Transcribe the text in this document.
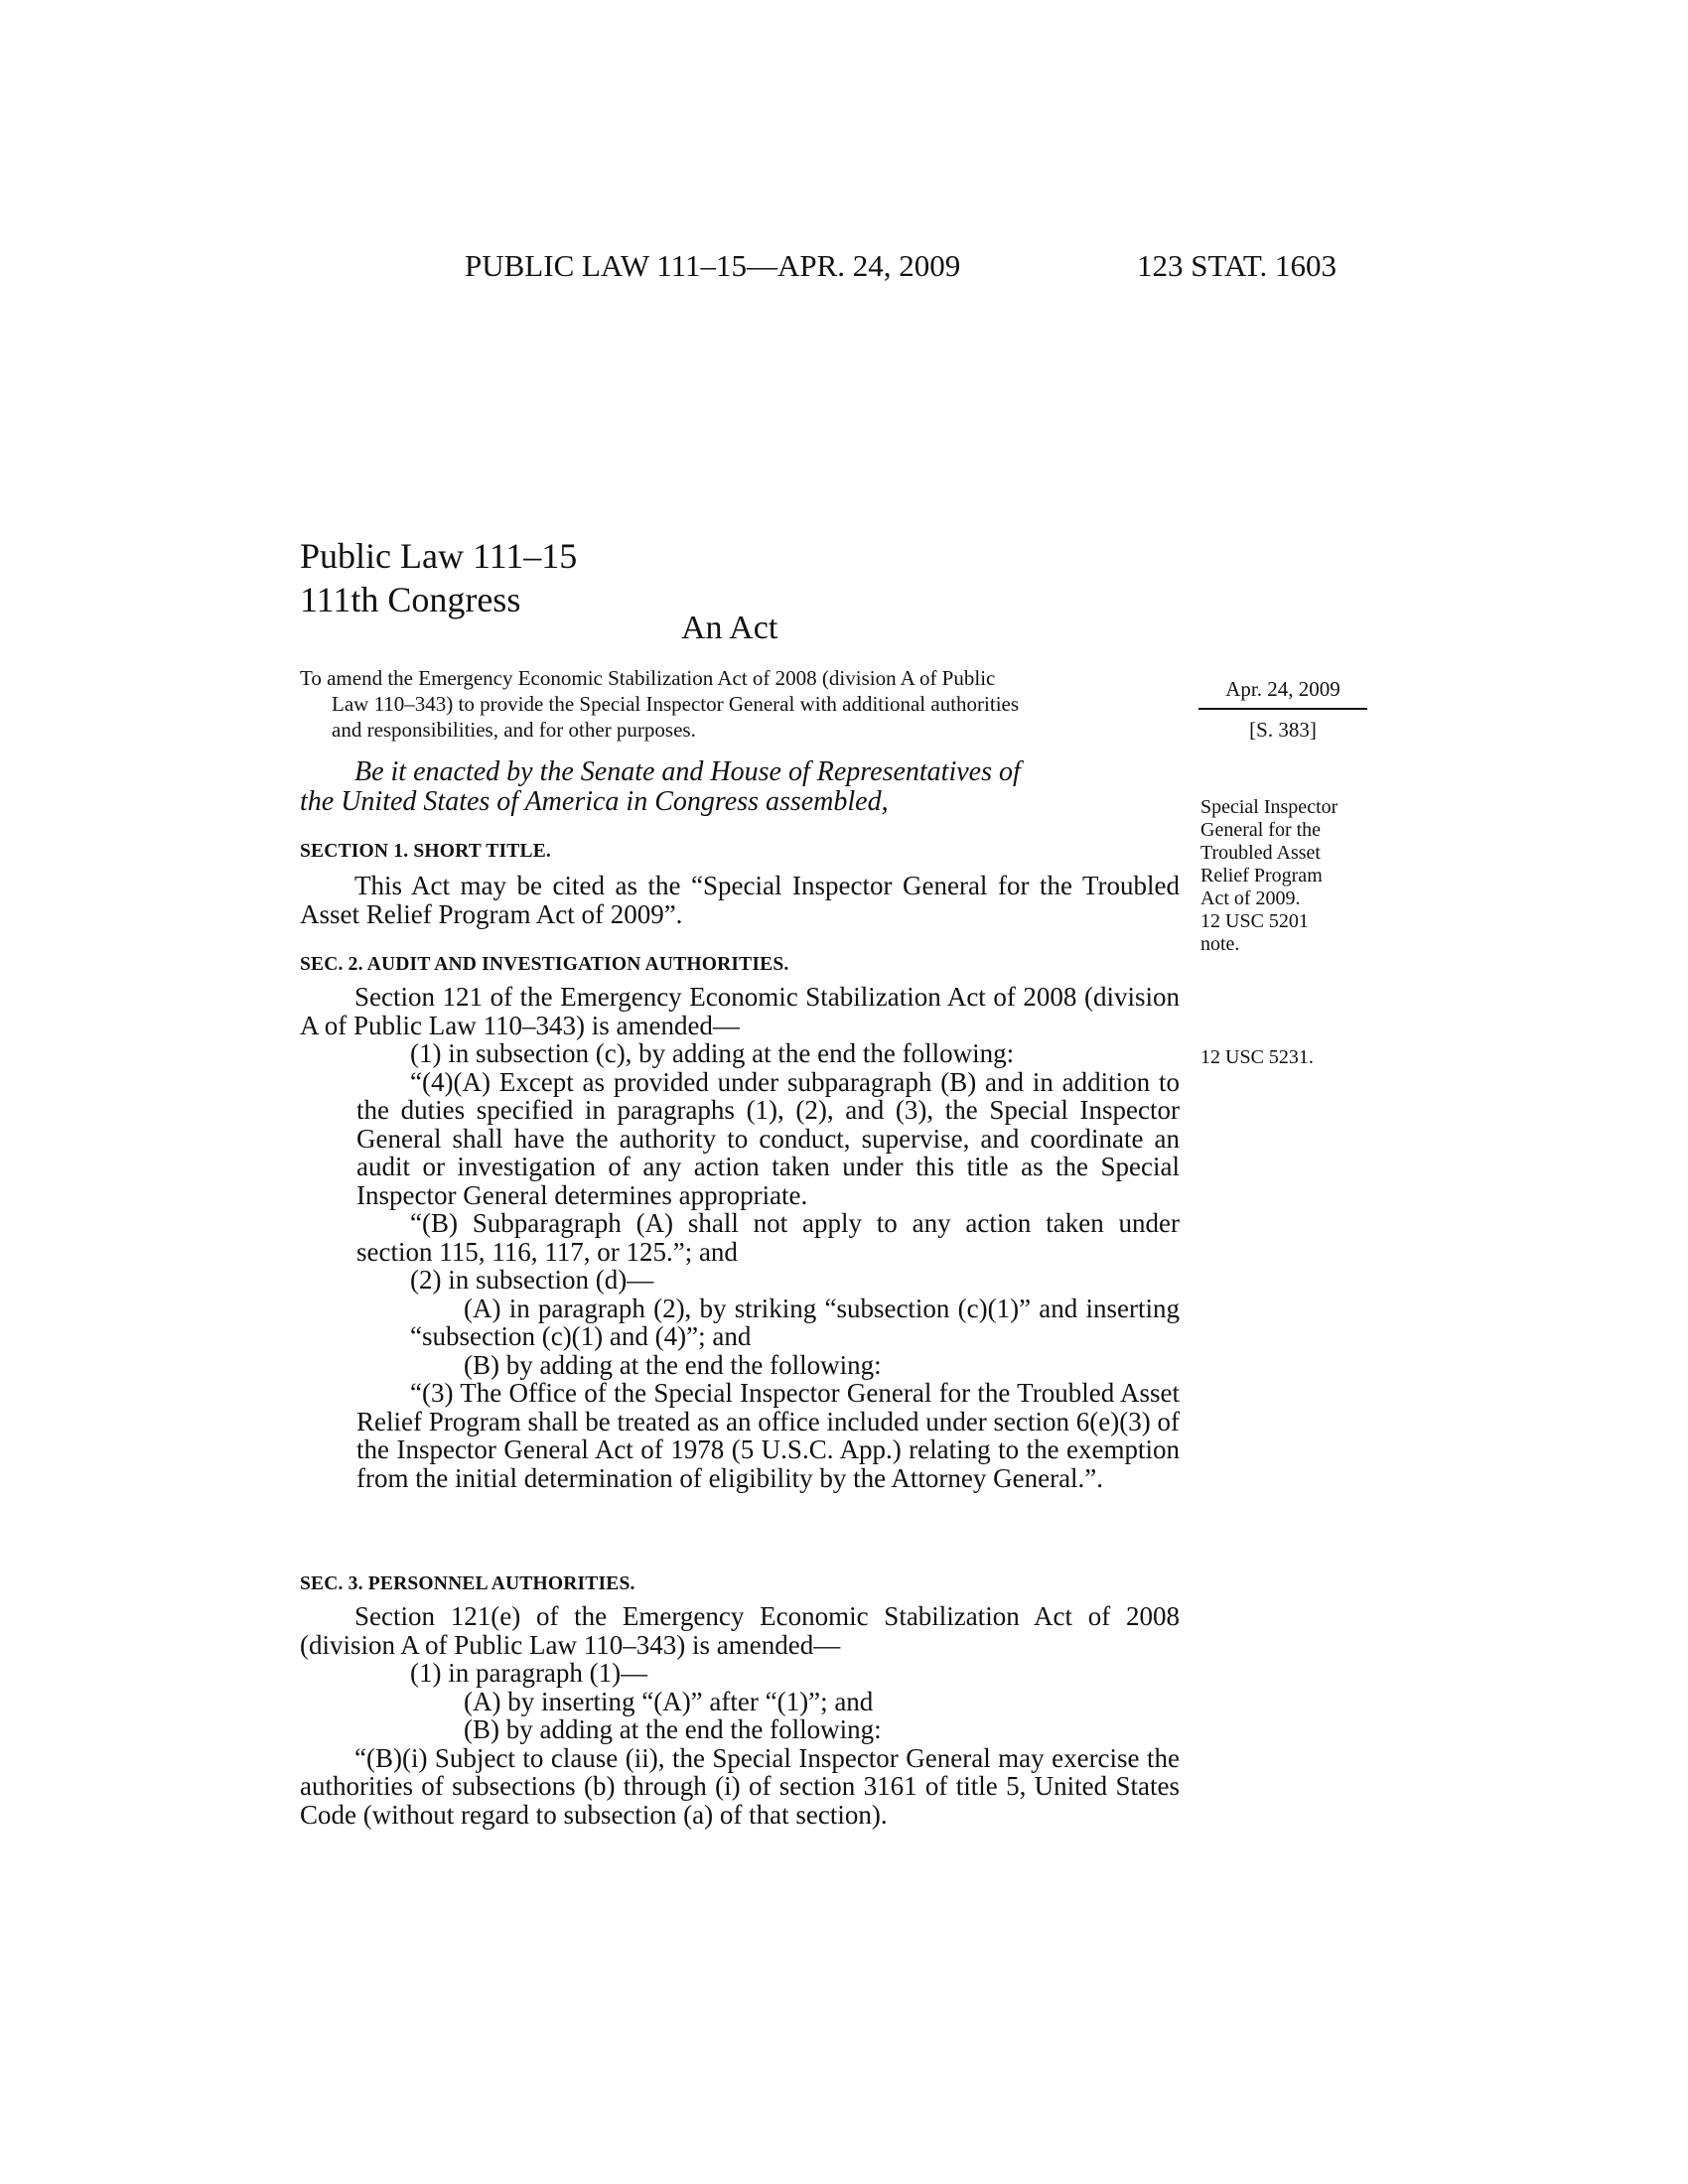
PUBLIC LAW 111–15—APR. 24, 2009	123 STAT. 1603
Public Law 111–15
111th Congress
An Act
To amend the Emergency Economic Stabilization Act of 2008 (division A of Public
Law 110–343) to provide the Special Inspector General with additional authorities
and responsibilities, and for other purposes.
Apr. 24, 2009
[S. 383]
Special Inspector
General for the
Troubled Asset
Relief Program
Act of 2009.
12 USC 5201
note.
12 USC 5231.
Be it enacted by the Senate and House of Representatives of
the United States of America in Congress assembled,
SECTION 1. SHORT TITLE.

This Act may be cited as the “Special Inspector General for the Troubled Asset Relief Program Act of 2009”.

SEC. 2. AUDIT AND INVESTIGATION AUTHORITIES.

Section 121 of the Emergency Economic Stabilization Act of 2008 (division A of Public Law 110–343) is amended—

(1) in subsection (c), by adding at the end the following:

“(4)(A) Except as provided under subparagraph (B) and in addition to the duties specified in paragraphs (1), (2), and (3), the Special Inspector General shall have the authority to conduct, supervise, and coordinate an audit or investigation of any action taken under this title as the Special Inspector General determines appropriate.

“(B) Subparagraph (A) shall not apply to any action taken under section 115, 116, 117, or 125.”; and

(2) in subsection (d)—

(A) in paragraph (2), by striking “subsection (c)(1)” and inserting “subsection (c)(1) and (4)”; and

(B) by adding at the end the following:

“(3) The Office of the Special Inspector General for the Troubled Asset Relief Program shall be treated as an office included under section 6(e)(3) of the Inspector General Act of 1978 (5 U.S.C. App.) relating to the exemption from the initial determination of eligibility by the Attorney General.”.

SEC. 3. PERSONNEL AUTHORITIES.

Section 121(e) of the Emergency Economic Stabilization Act of 2008 (division A of Public Law 110–343) is amended—

(1) in paragraph (1)—

(A) by inserting “(A)” after “(1)”; and

(B) by adding at the end the following:

“(B)(i) Subject to clause (ii), the Special Inspector General may exercise the authorities of subsections (b) through (i) of section 3161 of title 5, United States Code (without regard to subsection (a) of that section).
